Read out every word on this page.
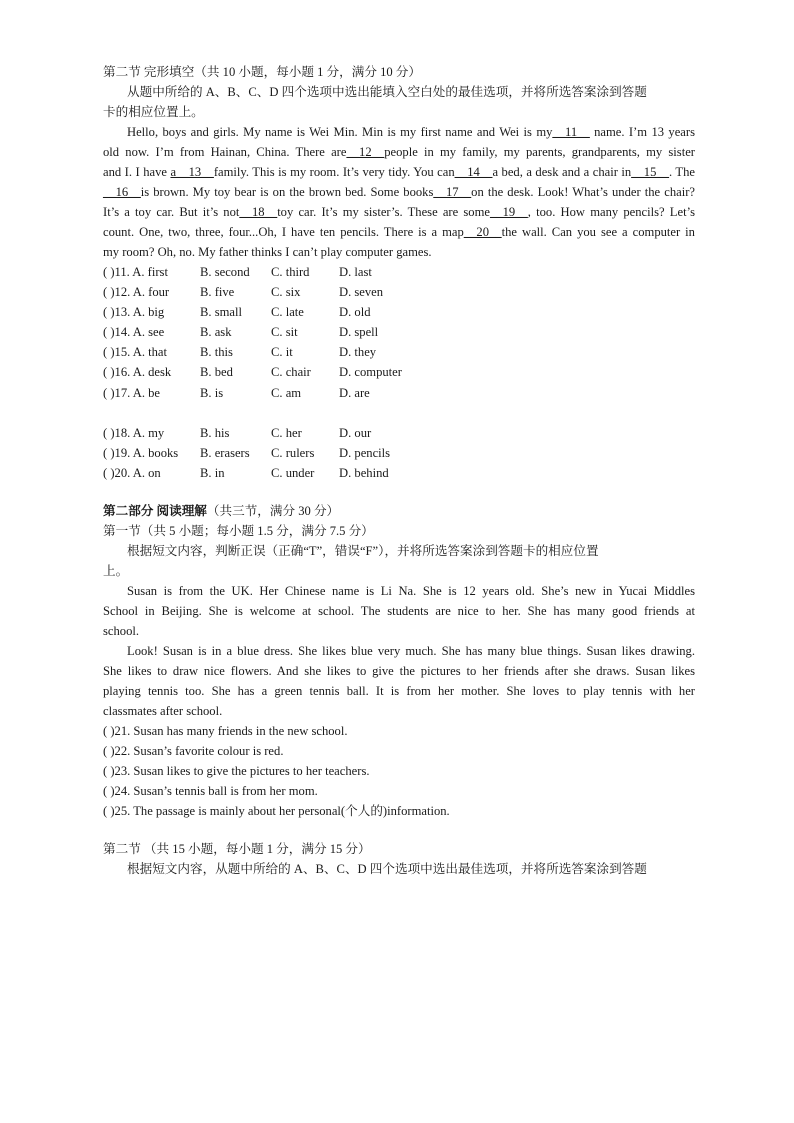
第二节 完形填空（共 10 小题，每小题 1 分，满分 10 分）

从题中所给的 A、B、C、D 四个选项中选出能填入空白处的最佳选项，并将所选答案涂到答题

卡的相应位置上。

Hello, boys and girls. My name is Wei Min. Min is my first name and Wei is my__11__ name. I’m 13 years

old now. I’m from Hainan, China. There are__12__people in my family, my parents, grandparents, my sister

and I. I have a__13__family. This is my room. It’s very tidy. You can__14__a bed, a desk and a chair in__15__. The

__16__is brown. My toy bear is on the brown bed. Some books__17__on the desk. Look! What’s under the chair?

It’s a toy car. But it’s not__18__toy car. It’s my sister’s. These are some__19__, too. How many pencils? Let’s

count. One, two, three, four...Oh, I have ten pencils. There is a map__20__the wall. Can you see a computer in

my room? Oh, no. My father thinks I can’t play computer games.

( )11. A. first	B. second C. third D. last

( )12. A. four B. five	C. six	D. seven

( )13. A. big	B. small C. late	D. old

( )14. A. see	B. ask	C. sit	D. spell

( )15. A. that	B. this	C. it	D. they

( )16. A. desk B. bed	C. chair D. computer

( )17. A. be	B. is	C. am	D. are

( )18. A. my	B. his	C. her	D. our

( )19. A. books B. erasers C. rulers D. pencils

( )20. A. on	B. in	C. under D. behind

第二部分 阅读理解（共三节，满分 30 分）

第一节（共 5 小题；每小题 1.5 分，满分 7.5 分）

根据短文内容，判断正误（正确“T”，错误“F”），并将所选答案涂到答题卡的相应位置

上。

Susan is from the UK. Her Chinese name is Li Na. She is 12 years old. She’s new in Yucai Middles

School in Beijing. She is welcome at school. The students are nice to her. She has many good friends at

school.

Look! Susan is in a blue dress. She likes blue very much. She has many blue things. Susan likes drawing.

She likes to draw nice flowers. And she likes to give the pictures to her friends after she draws. Susan likes

playing tennis too. She has a green tennis ball. It is from her mother. She loves to play tennis with her

classmates after school.

( )21. Susan has many friends in the new school.

( )22. Susan’s favorite colour is red.

( )23. Susan likes to give the pictures to her teachers.

( )24. Susan’s tennis ball is from her mom.

( )25. The passage is mainly about her personal(个人的)information.

第二节 （共 15 小题，每小题 1 分，满分 15 分）

根据短文内容，从题中所给的 A、B、C、D 四个选项中选出最佳选项，并将所选答案涂到答题
